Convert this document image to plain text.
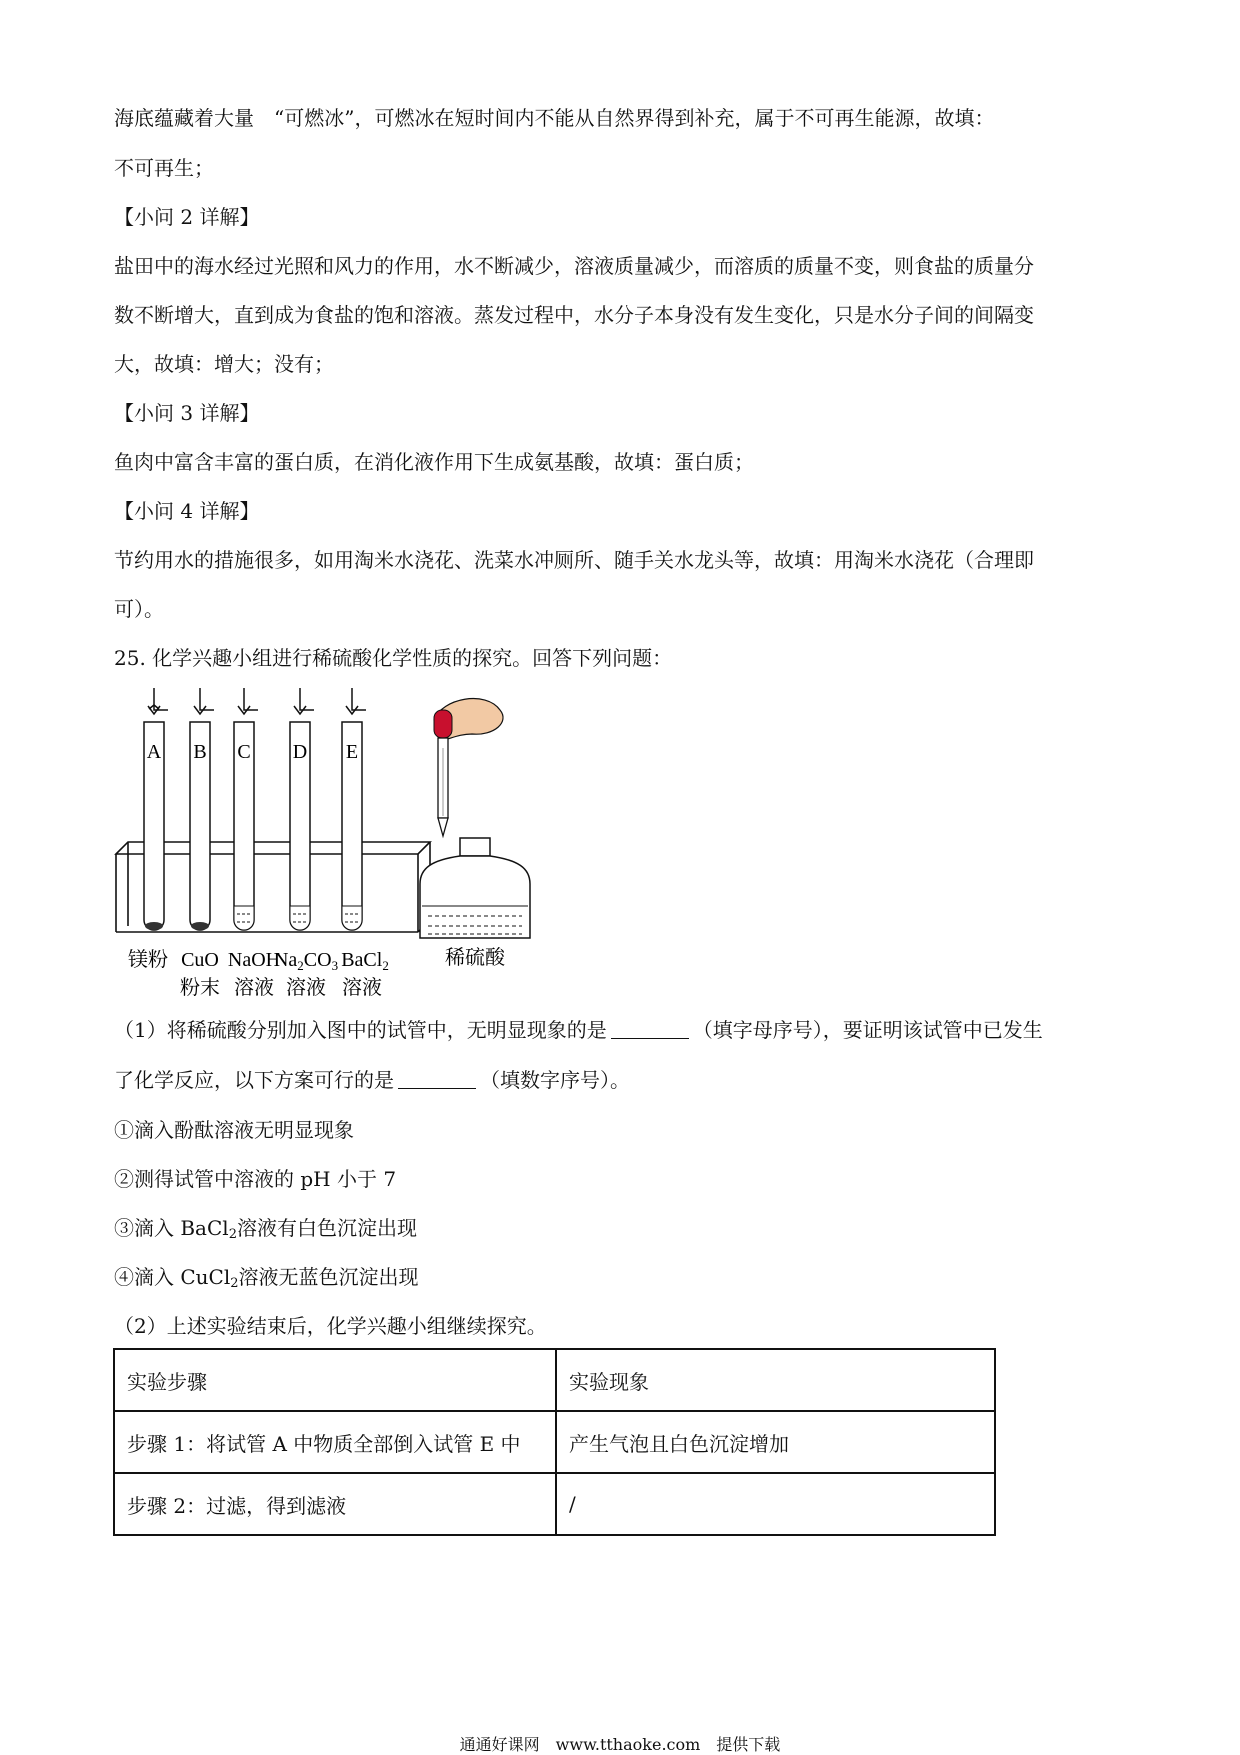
海底蕴藏着大量　“可燃冰”，可燃冰在短时间内不能从自然界得到补充，属于不可再生能源，故填：
不可再生；
【小问 2 详解】
盐田中的海水经过光照和风力的作用，水不断减少，溶液质量减少，而溶质的质量不变，则食盐的质量分
数不断增大，直到成为食盐的饱和溶液。蒸发过程中，水分子本身没有发生变化，只是水分子间的间隔变
大，故填：增大；没有；
【小问 3 详解】
鱼肉中富含丰富的蛋白质，在消化液作用下生成氨基酸，故填：蛋白质；
【小问 4 详解】
节约用水的措施很多，如用淘米水浇花、洗菜水冲厕所、随手关水龙头等，故填：用淘米水浇花（合理即
可）。
25. 化学兴趣小组进行稀硫酸化学性质的探究。回答下列问题：
A B C D E
镁粉 CuO NaOH
$Na_2CO_3$ BaCl$_2$
粉末 溶液 溶液 溶液
稀硫酸
（1）将稀硫酸分别加入图中的试管中，无明显现象的是	（填字母序号），要证明该试管中已发生
了化学反应，以下方案可行的是	（填数字序号）。
①滴入酚酞溶液无明显现象
②测得试管中溶液的 pH 小于 7
③滴入 BaCl$_2$溶液有白色沉淀出现
④滴入 CuCl$_2$溶液无蓝色沉淀出现
（2）上述实验结束后，化学兴趣小组继续探究。
实验步骤	实验现象
步骤 1：将试管 A 中物质全部倒入试管 E 中	产生气泡且白色沉淀增加
步骤 2：过滤，得到滤液	/
通通好课网　www.tthaoke.com　提供下载
